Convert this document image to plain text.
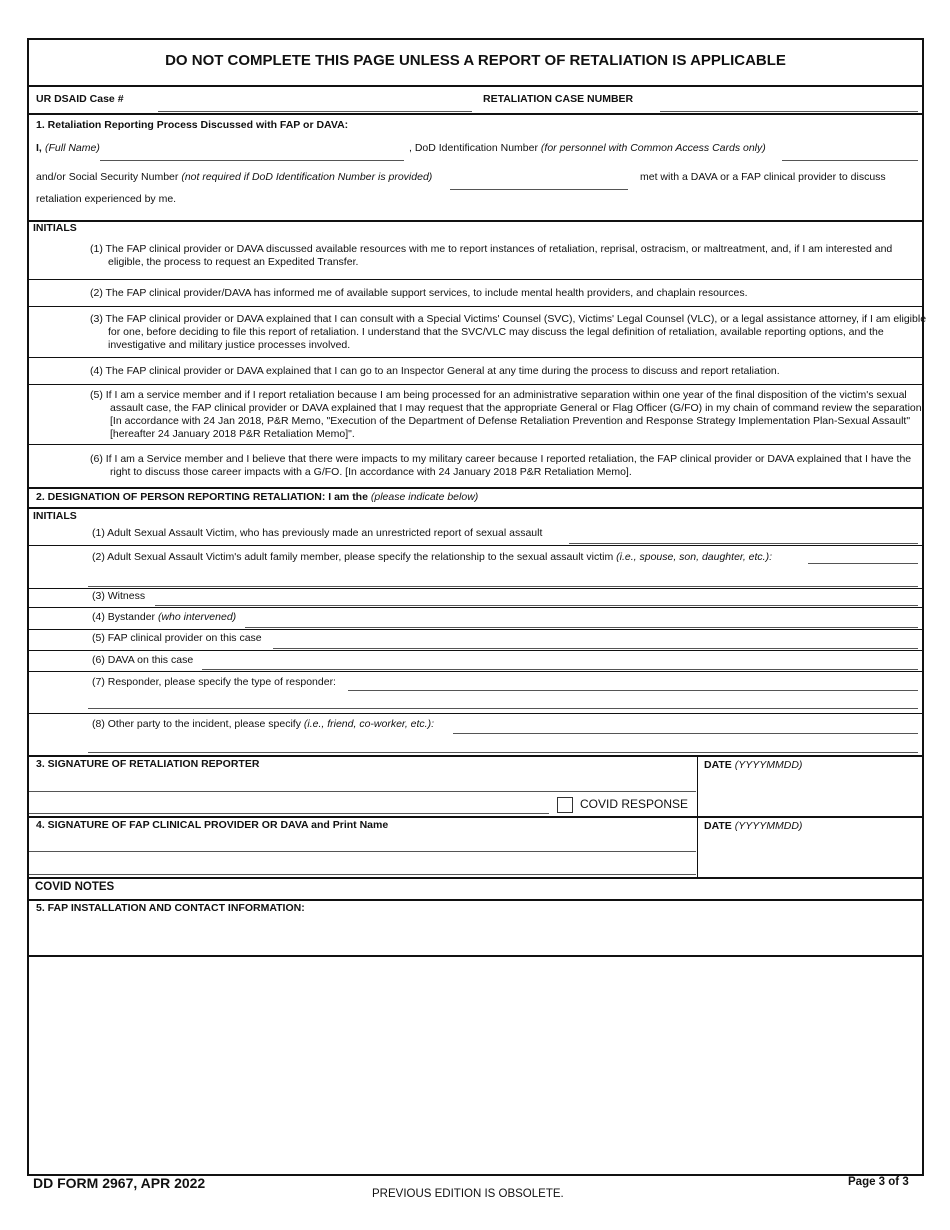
DO NOT COMPLETE THIS PAGE UNLESS A REPORT OF RETALIATION IS APPLICABLE
UR DSAID Case #	RETALIATION CASE NUMBER
1. Retaliation Reporting Process Discussed with FAP or DAVA:
I, (Full Name)	, DoD Identification Number (for personnel with Common Access Cards only)
and/or Social Security Number (not required if DoD Identification Number is provided)	met with a DAVA or a FAP clinical provider to discuss
retaliation experienced by me.
INITIALS
(1) The FAP clinical provider or DAVA discussed available resources with me to report instances of retaliation, reprisal, ostracism, or maltreatment, and, if I am interested and eligible, the process to request an Expedited Transfer.
(2) The FAP clinical provider/DAVA has informed me of available support services, to include mental health providers, and chaplain resources.
(3) The FAP clinical provider or DAVA explained that I can consult with a Special Victims' Counsel (SVC), Victims' Legal Counsel (VLC), or a legal assistance attorney, if I am eligible for one, before deciding to file this report of retaliation. I understand that the SVC/VLC may discuss the legal definition of retaliation, available reporting options, and the investigative and military justice processes involved.
(4) The FAP clinical provider or DAVA explained that I can go to an Inspector General at any time during the process to discuss and report retaliation.
(5) If I am a service member and if I report retaliation because I am being processed for an administrative separation within one year of the final disposition of the victim's sexual assault case, the FAP clinical provider or DAVA explained that I may request that the appropriate General or Flag Officer (G/FO) in my chain of command review the separation. [In accordance with 24 Jan 2018, P&R Memo, "Execution of the Department of Defense Retaliation Prevention and Response Strategy Implementation Plan-Sexual Assault" [hereafter 24 January 2018 P&R Retaliation Memo]".
(6) If I am a Service member and I believe that there were impacts to my military career because I reported retaliation, the FAP clinical provider or DAVA explained that I have the right to discuss those career impacts with a G/FO. [In accordance with 24 January 2018 P&R Retaliation Memo].
2. DESIGNATION OF PERSON REPORTING RETALIATION: I am the (please indicate below)
INITIALS
(1) Adult Sexual Assault Victim, who has previously made an unrestricted report of sexual assault
(2) Adult Sexual Assault Victim's adult family member, please specify the relationship to the sexual assault victim (i.e., spouse, son, daughter, etc.):
(3) Witness
(4) Bystander (who intervened)
(5) FAP clinical provider on this case
(6) DAVA on this case
(7) Responder, please specify the type of responder:
(8) Other party to the incident, please specify (i.e., friend, co-worker, etc.):
3. SIGNATURE OF RETALIATION REPORTER	DATE (YYYYMMDD)
COVID RESPONSE
4. SIGNATURE OF FAP CLINICAL PROVIDER OR DAVA and Print Name	DATE (YYYYMMDD)
COVID NOTES
5. FAP INSTALLATION AND CONTACT INFORMATION:
DD FORM 2967, APR 2022
PREVIOUS EDITION IS OBSOLETE.
Page 3 of 3
